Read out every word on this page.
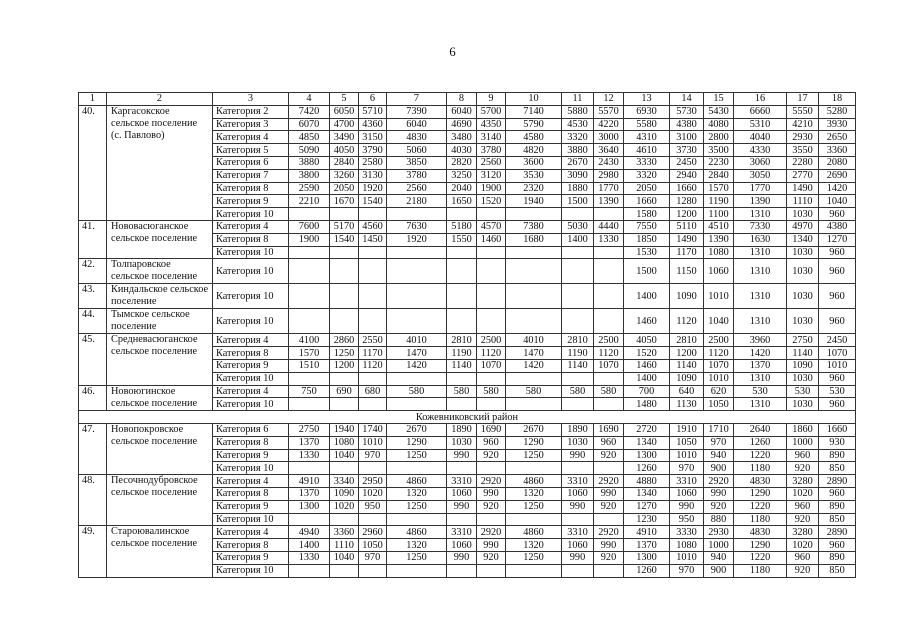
6
1	2	3	4	5	6	7	8	9	10	11	12	13	14	15	16	17	18
40.	Каргасокское сельское поселение (с. Павлово)	Категория 2	7420	6050	5710	7390	6040	5700	7140	5880	5570	6930	5730	5430	6660	5550	5280
		Категория 3	6070	4700	4360	6040	4690	4350	5790	4530	4220	5580	4380	4080	5310	4210	3930
		Категория 4	4850	3490	3150	4830	3480	3140	4580	3320	3000	4310	3100	2800	4040	2930	2650
		Категория 5	5090	4050	3790	5060	4030	3780	4820	3880	3640	4610	3730	3500	4330	3550	3360
		Категория 6	3880	2840	2580	3850	2820	2560	3600	2670	2430	3330	2450	2230	3060	2280	2080
		Категория 7	3800	3260	3130	3780	3250	3120	3530	3090	2980	3320	2940	2840	3050	2770	2690
		Категория 8	2590	2050	1920	2560	2040	1900	2320	1880	1770	2050	1660	1570	1770	1490	1420
		Категория 9	2210	1670	1540	2180	1650	1520	1940	1500	1390	1660	1280	1190	1390	1110	1040
		Категория 10										1580	1200	1100	1310	1030	960
41.	Нововасюганское сельское поселение	Категория 4	7600	5170	4560	7630	5180	4570	7380	5030	4440	7550	5110	4510	7330	4970	4380
		Категория 8	1900	1540	1450	1920	1550	1460	1680	1400	1330	1850	1490	1390	1630	1340	1270
		Категория 10										1530	1170	1080	1310	1030	960
42.	Толпаровское сельское поселение	Категория 10										1500	1150	1060	1310	1030	960
43.	Киндальское сельское поселение	Категория 10										1400	1090	1010	1310	1030	960
44.	Тымское сельское поселение	Категория 10										1460	1120	1040	1310	1030	960
45.	Средневасюганское сельское поселение	Категория 4	4100	2860	2550	4010	2810	2500	4010	2810	2500	4050	2810	2500	3960	2750	2450
		Категория 8	1570	1250	1170	1470	1190	1120	1470	1190	1120	1520	1200	1120	1420	1140	1070
		Категория 9	1510	1200	1120	1420	1140	1070	1420	1140	1070	1460	1140	1070	1370	1090	1010
		Категория 10										1400	1090	1010	1310	1030	960
46.	Новоюгинское сельское поселение	Категория 4	750	690	680	580	580	580	580	580	580	700	640	620	530	530	530
		Категория 10										1480	1130	1050	1310	1030	960
Кожевниковский район																	
47.	Новопокровское сельское поселение	Категория 6	2750	1940	1740	2670	1890	1690	2670	1890	1690	2720	1910	1710	2640	1860	1660
		Категория 8	1370	1080	1010	1290	1030	960	1290	1030	960	1340	1050	970	1260	1000	930
		Категория 9	1330	1040	970	1250	990	920	1250	990	920	1300	1010	940	1220	960	890
		Категория 10										1260	970	900	1180	920	850
48.	Песочнодубровское сельское поселение	Категория 4	4910	3340	2950	4860	3310	2920	4860	3310	2920	4880	3310	2920	4830	3280	2890
		Категория 8	1370	1090	1020	1320	1060	990	1320	1060	990	1340	1060	990	1290	1020	960
		Категория 9	1300	1020	950	1250	990	920	1250	990	920	1270	990	920	1220	960	890
		Категория 10										1230	950	880	1180	920	850
49.	Староювалинское сельское поселение	Категория 4	4940	3360	2960	4860	3310	2920	4860	3310	2920	4910	3330	2930	4830	3280	2890
		Категория 8	1400	1110	1050	1320	1060	990	1320	1060	990	1370	1080	1000	1290	1020	960
		Категория 9	1330	1040	970	1250	990	920	1250	990	920	1300	1010	940	1220	960	890
		Категория 10										1260	970	900	1180	920	850
